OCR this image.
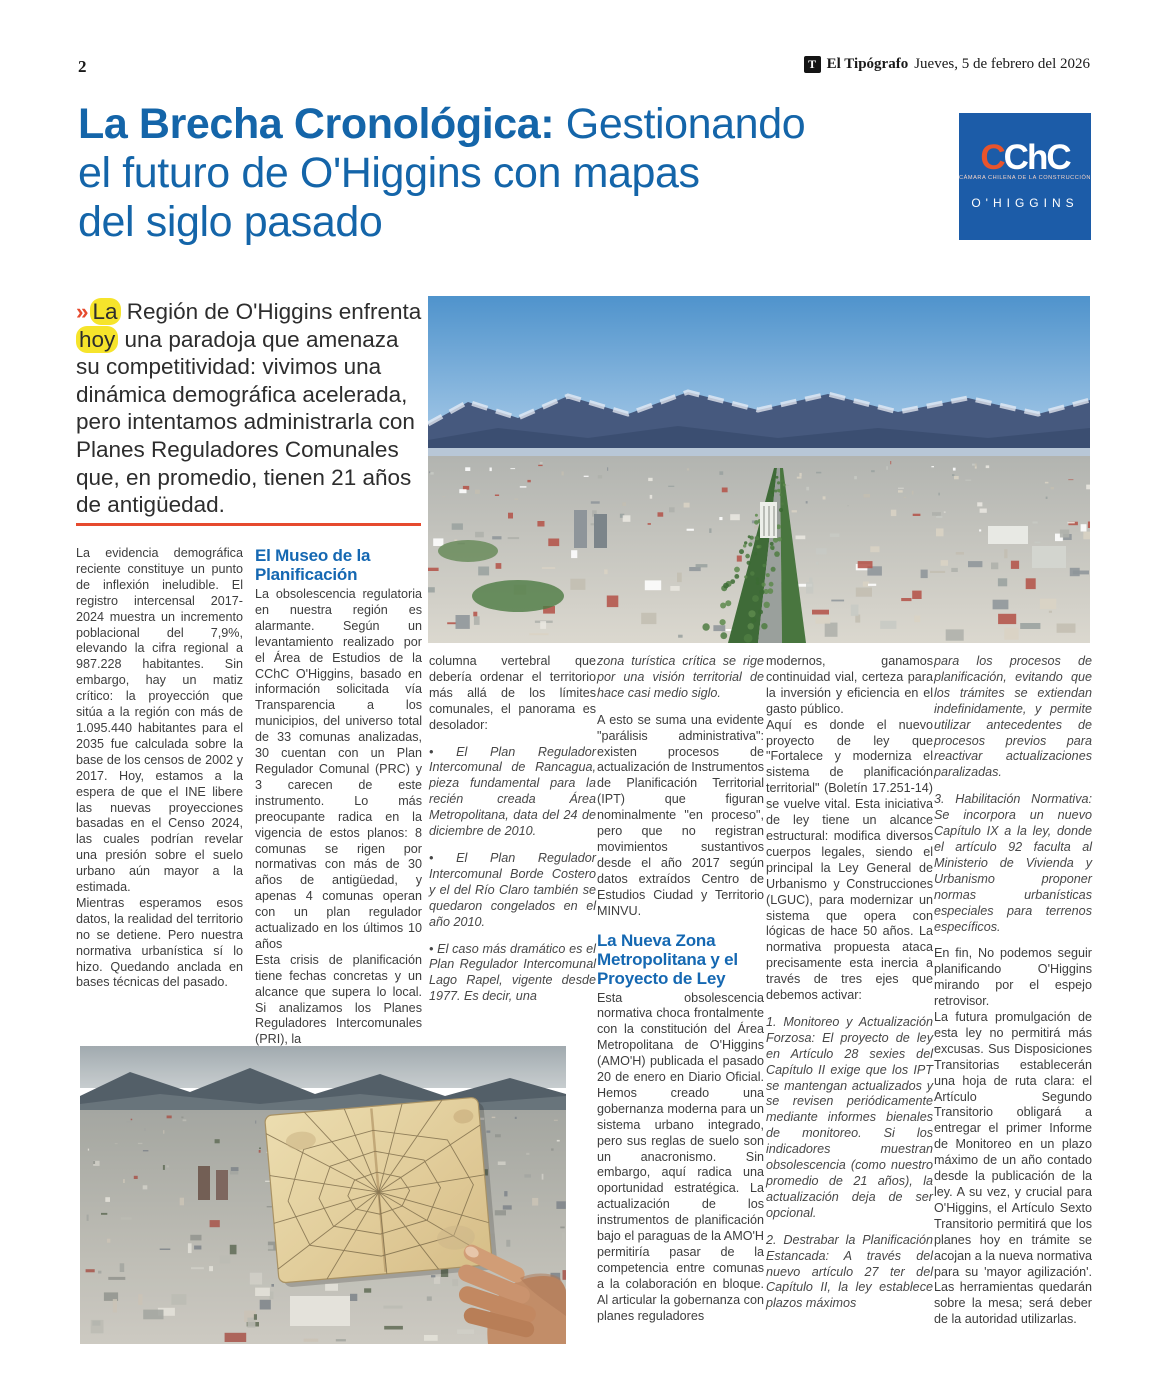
2	T El Tipógrafo Jueves, 5 de febrero del 2026
La Brecha Cronológica: Gestionando
el futuro de O'Higgins con mapas
del siglo pasado
CChC
CÁMARA CHILENA DE LA CONSTRUCCIÓN
O'HIGGINS

» La Región de O'Higgins enfrenta hoy una paradoja que amenaza su competitividad: vivimos una dinámica demográfica acelerada, pero intentamos administrarla con Planes Reguladores Comunales que, en promedio, tienen 21 años de antigüedad.

La evidencia demográfica reciente constituye un punto de inflexión ineludible. El registro intercensal 2017-2024 muestra un incremento poblacional del 7,9%, elevando la cifra regional a 987.228 habitantes. Sin embargo, hay un matiz crítico: la proyección que sitúa a la región con más de 1.095.440 habitantes para el 2035 fue calculada sobre la base de los censos de 2002 y 2017. Hoy, estamos a la espera de que el INE libere las nuevas proyecciones basadas en el Censo 2024, las cuales podrían revelar una presión sobre el suelo urbano aún mayor a la estimada.

Mientras esperamos esos datos, la realidad del territorio no se detiene. Pero nuestra normativa urbanística sí lo hizo. Quedando anclada en bases técnicas del pasado.

El Museo de la Planificación

La obsolescencia regulatoria en nuestra región es alarmante. Según un levantamiento realizado por el Área de Estudios de la CChC O'Higgins, basado en información solicitada vía Transparencia a los municipios, del universo total de 33 comunas analizadas, 30 cuentan con un Plan Regulador Comunal (PRC) y 3 carecen de este instrumento. Lo más preocupante radica en la vigencia de estos planos: 8 comunas se rigen por normativas con más de 30 años de antigüedad, y apenas 4 comunas operan con un plan regulador actualizado en los últimos 10 años

Esta crisis de planificación tiene fechas concretas y un alcance que supera lo local. Si analizamos los Planes Reguladores Intercomunales (PRI), la

columna vertebral que debería ordenar el territorio más allá de los límites comunales, el panorama es desolador:

• El Plan Regulador Intercomunal de Rancagua, pieza fundamental para la recién creada Área Metropolitana, data del 24 de diciembre de 2010.

• El Plan Regulador Intercomunal Borde Costero y el del Río Claro también se quedaron congelados en el año 2010.

• El caso más dramático es el Plan Regulador Intercomunal Lago Rapel, vigente desde 1977. Es decir, una

zona turística crítica se rige por una visión territorial de hace casi medio siglo.

A esto se suma una evidente "parálisis administrativa": existen procesos de actualización de Instrumentos de Planificación Territorial (IPT) que figuran nominalmente "en proceso", pero que no registran movimientos sustantivos desde el año 2017 según datos extraídos Centro de Estudios Ciudad y Territorio MINVU.

La Nueva Zona Metropolitana y el Proyecto de Ley

Esta obsolescencia normativa choca frontalmente con la constitución del Área Metropolitana de O'Higgins (AMO'H) publicada el pasado 20 de enero en Diario Oficial. Hemos creado una gobernanza moderna para un sistema urbano integrado, pero sus reglas de suelo son un anacronismo. Sin embargo, aquí radica una oportunidad estratégica. La actualización de los instrumentos de planificación bajo el paraguas de la AMO'H permitiría pasar de la competencia entre comunas a la colaboración en bloque. Al articular la gobernanza con planes reguladores

modernos, ganamos continuidad vial, certeza para la inversión y eficiencia en el gasto público.

Aquí es donde el nuevo proyecto de ley que "Fortalece y moderniza el sistema de planificación territorial" (Boletín 17.251-14) se vuelve vital. Esta iniciativa de ley tiene un alcance estructural: modifica diversos cuerpos legales, siendo el principal la Ley General de Urbanismo y Construcciones (LGUC), para modernizar un sistema que opera con lógicas de hace 50 años. La normativa propuesta ataca precisamente esta inercia a través de tres ejes que debemos activar:

1. Monitoreo y Actualización Forzosa: El proyecto de ley en Artículo 28 sexies del Capítulo II exige que los IPT se mantengan actualizados y se revisen periódicamente mediante informes bienales de monitoreo. Si los indicadores muestran obsolescencia (como nuestro promedio de 21 años), la actualización deja de ser opcional.

2. Destrabar la Planificación Estancada: A través del nuevo artículo 27 ter del Capítulo II, la ley establece plazos máximos

para los procesos de planificación, evitando que los trámites se extiendan indefinidamente, y permite utilizar antecedentes de procesos previos para reactivar actualizaciones paralizadas.

3. Habilitación Normativa: Se incorpora un nuevo Capítulo IX a la ley, donde el artículo 92 faculta al Ministerio de Vivienda y Urbanismo proponer normas urbanísticas especiales para terrenos específicos.

En fin, No podemos seguir planificando O'Higgins mirando por el espejo retrovisor.

La futura promulgación de esta ley no permitirá más excusas. Sus Disposiciones Transitorias establecerán una hoja de ruta clara: el Artículo Segundo Transitorio obligará a entregar el primer Informe de Monitoreo en un plazo máximo de un año contado desde la publicación de la ley. A su vez, y crucial para O'Higgins, el Artículo Sexto Transitorio permitirá que los planes hoy en trámite se acojan a la nueva normativa para su 'mayor agilización'. Las herramientas quedarán sobre la mesa; será deber de la autoridad utilizarlas.
